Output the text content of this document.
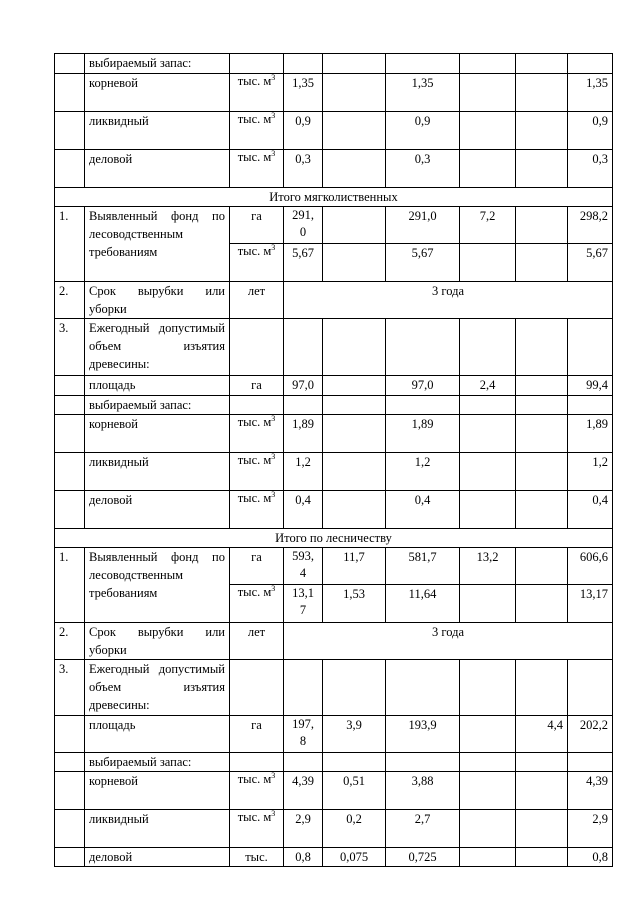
	выбираемый запас:							
	корневой	тыс. $м^3$	1,35		1,35			1,35
	ликвидный	тыс. $м^3$	0,9		0,9			0,9
	деловой	тыс. $м^3$	0,3		0,3			0,3
Итого мягколиственных								
1.	Выявленный фонд по лесоводственным требованиям	га	291, 0		291,0	7,2		298,2
		тыс. $м^3$	5,67		5,67			5,67
2.	Срок вырубки или уборки	лет	3 года					
3.	Ежегодный допустимый объем изъятия древесины:							
	площадь	га	97,0		97,0	2,4		99,4
	выбираемый запас:							
	корневой	тыс. $м^3$	1,89		1,89			1,89
	ликвидный	тыс. $м^3$	1,2		1,2			1,2
	деловой	тыс. $м^3$	0,4		0,4			0,4
Итого по лесничеству								
1.	Выявленный фонд по лесоводственным требованиям	га	593, 4	11,7	581,7	13,2		606,6
		тыс. $м^3$	13,1 7	1,53	11,64			13,17
2.	Срок вырубки или уборки	лет	3 года					
3.	Ежегодный допустимый объем изъятия древесины:							
	площадь	га	197, 8	3,9	193,9		4,4	202,2
	выбираемый запас:							
	корневой	тыс. $м^3$	4,39	0,51	3,88			4,39
	ликвидный	тыс. $м^3$	2,9	0,2	2,7			2,9
	деловой	тыс.	0,8	0,075	0,725			0,8
